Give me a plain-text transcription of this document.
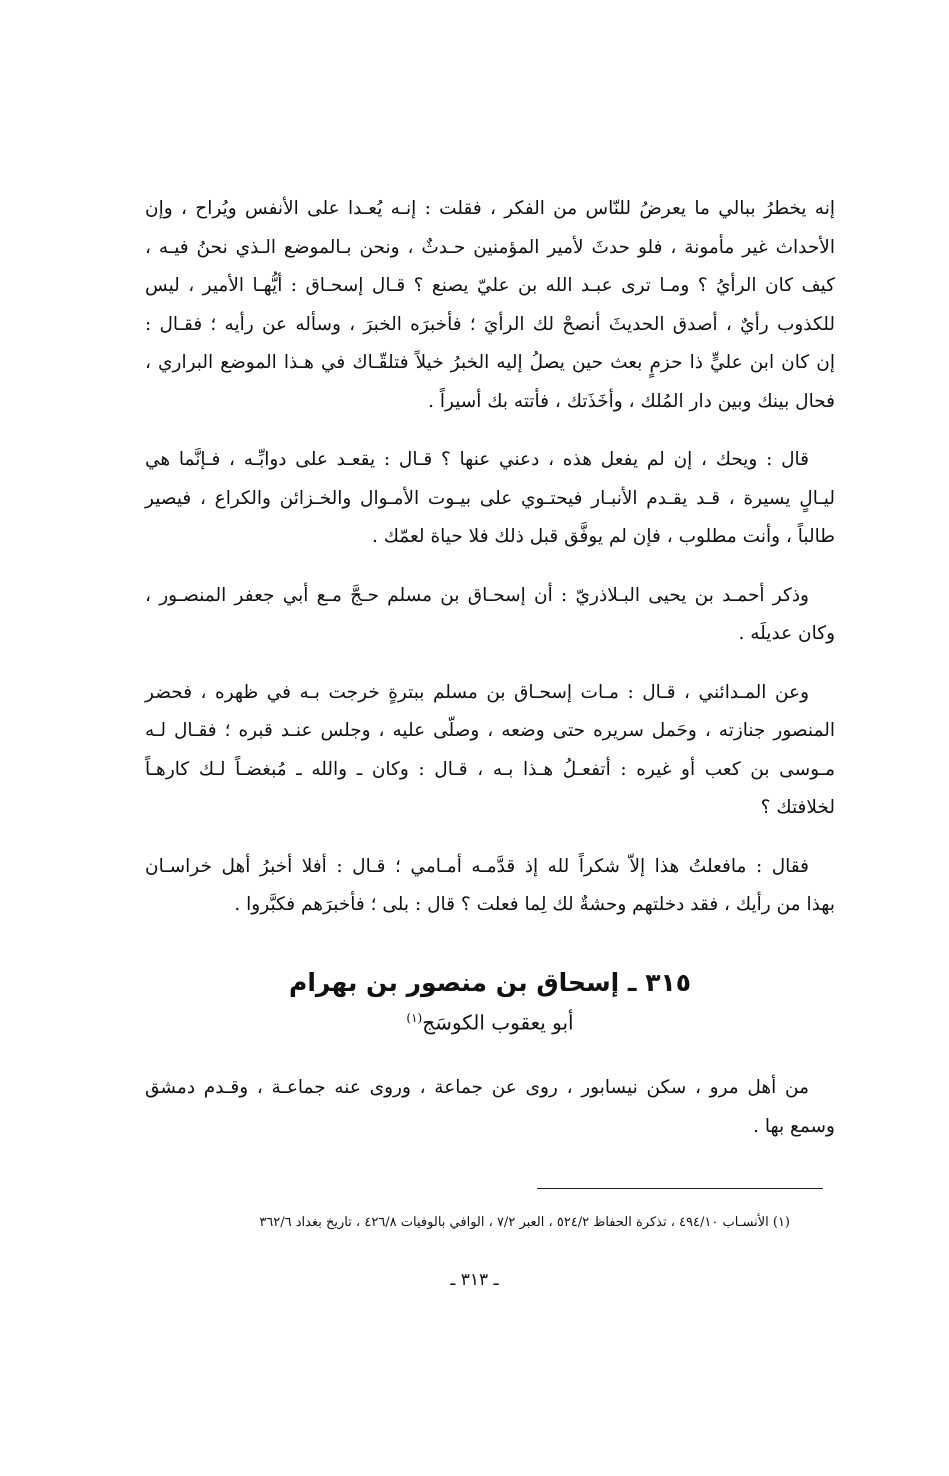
إنه يخطرُ ببالي ما يعرضُ للنّاس من الفكر ، فقلت : إنـه يُعـدا على الأنفس ويُراح ، وإن
الأحداث غير مأمونة ، فلو حدثَ لأمير المؤمنين حـدثٌ ، ونحن بـالموضع الـذي نحنُ فيـه ،
كيف كان الرأيُ ؟ ومـا ترى عبـد الله بن عليّ يصنع ؟ قـال إسحـاق : أيُّهـا الأمير ، ليس
للكذوب رأيٌ ، أصدق الحديثَ أنصحْ لك الرأيَ ؛ فأخبرَه الخبرَ ، وسأله عن رأيه ؛ فقـال :
إن كان ابن عليٍّ ذا حزمٍ بعث حين يصلُ إليه الخبرُ خيلاً فتلقّـاك في هـذا الموضع البراري ،
فحال بينك وبين دار المُلك ، وأخَذَتك ، فأتته بك أسيراً .

قال : ويحك ، إن لم يفعل هذه ، دعني عنها ؟ قـال : يقعـد على دوابِّـه ، فـإنَّما هي
ليـالٍ يسيرة ، قـد يقـدم الأنبـار فيحتـوي على بيـوت الأمـوال والخـزائن والكراع ، فيصير
طالباً ، وأنت مطلوب ، فإن لم يوفَّق قبل ذلك فلا حياة لعمّك .

وذكر أحمـد بن يحيى البـلاذريّ : أن إسحـاق بن مسلم حـجَّ مـع أبي جعفر المنصـور ،
وكان عديلَه .

وعن المـدائني ، قـال : مـات إسحـاق بن مسلم ببترةٍ خرجت بـه في ظهره ، فحضر
المنصور جنازته ، وحَمل سريره حتى وضعه ، وصلّى عليه ، وجلس عنـد قبره ؛ فقـال لـه
مـوسى بن كعب أو غيره : أتفعـلُ هـذا بـه ، قـال : وكان ـ والله ـ مُبغضـاً لـك كارهـاً
لخلافتك ؟

فقال : مافعلتُ هذا إلاّ شكراً لله إذ قدَّمـه أمـامي ؛ قـال : أفلا أخبرُ أهل خراسـان
بهذا من رأيك ، فقد دخلتهم وحشةٌ لك لِما فعلت ؟ قال : بلى ؛ فأخبرَهم فكبَّروا .

٣١٥ ـ إسحاق بن منصور بن بهرام
أبو يعقوب الكوسَج$^{(١)}$

من أهل مرو ، سكن نيسابور ، روى عن جماعة ، وروى عنه جماعـة ، وقـدم دمشق
وسمع بها .

(١) الأنسـاب ٤٩٤/١٠ ، تذكرة الحفاظ ٥٢٤/٢ ، العبر ٧/٢ ، الوافي بالوفيات ٤٢٦/٨ ، تاريخ بغداد ٣٦٢/٦
ـ ٣١٣ ـ
